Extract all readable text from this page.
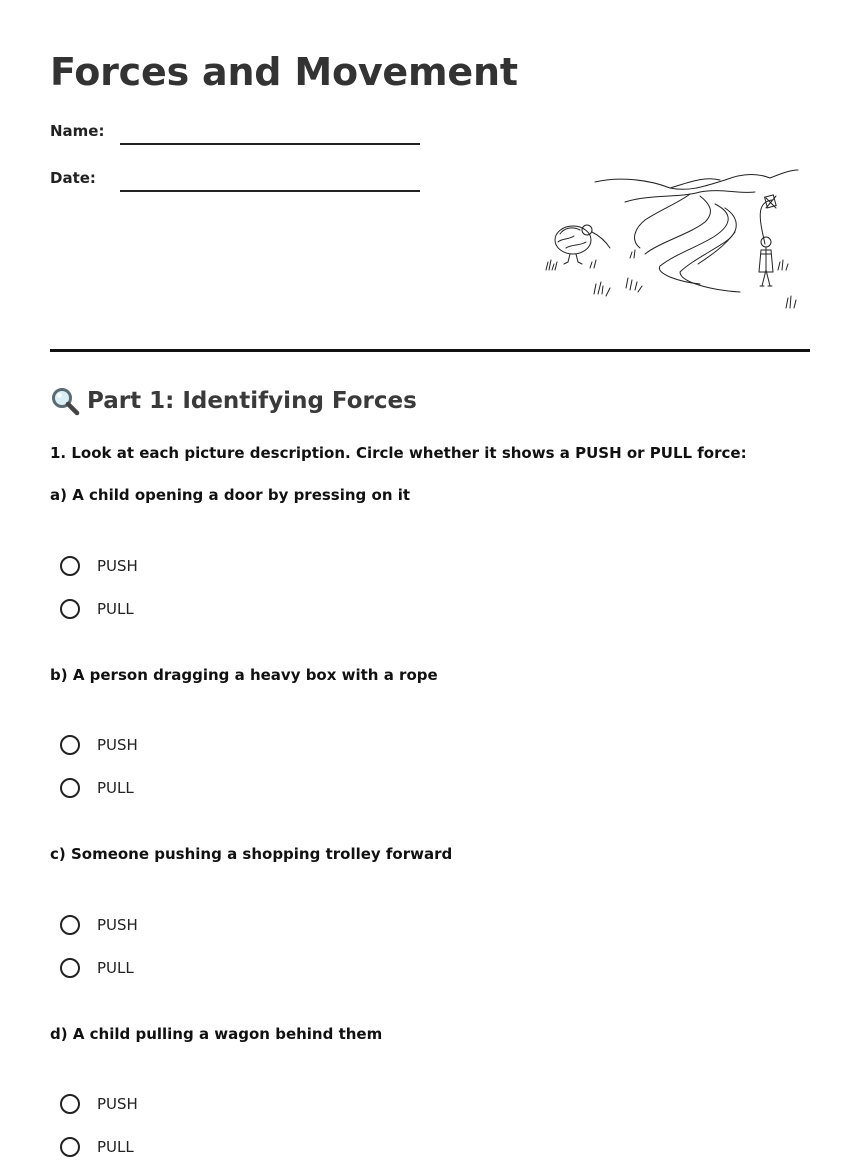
Forces and Movement
Name:
Date:
Part 1: Identifying Forces

1. Look at each picture description. Circle whether it shows a PUSH or PULL force:

a) A child opening a door by pressing on it

PUSH
PULL

b) A person dragging a heavy box with a rope

PUSH
PULL

c) Someone pushing a shopping trolley forward

PUSH
PULL

d) A child pulling a wagon behind them

PUSH
PULL
